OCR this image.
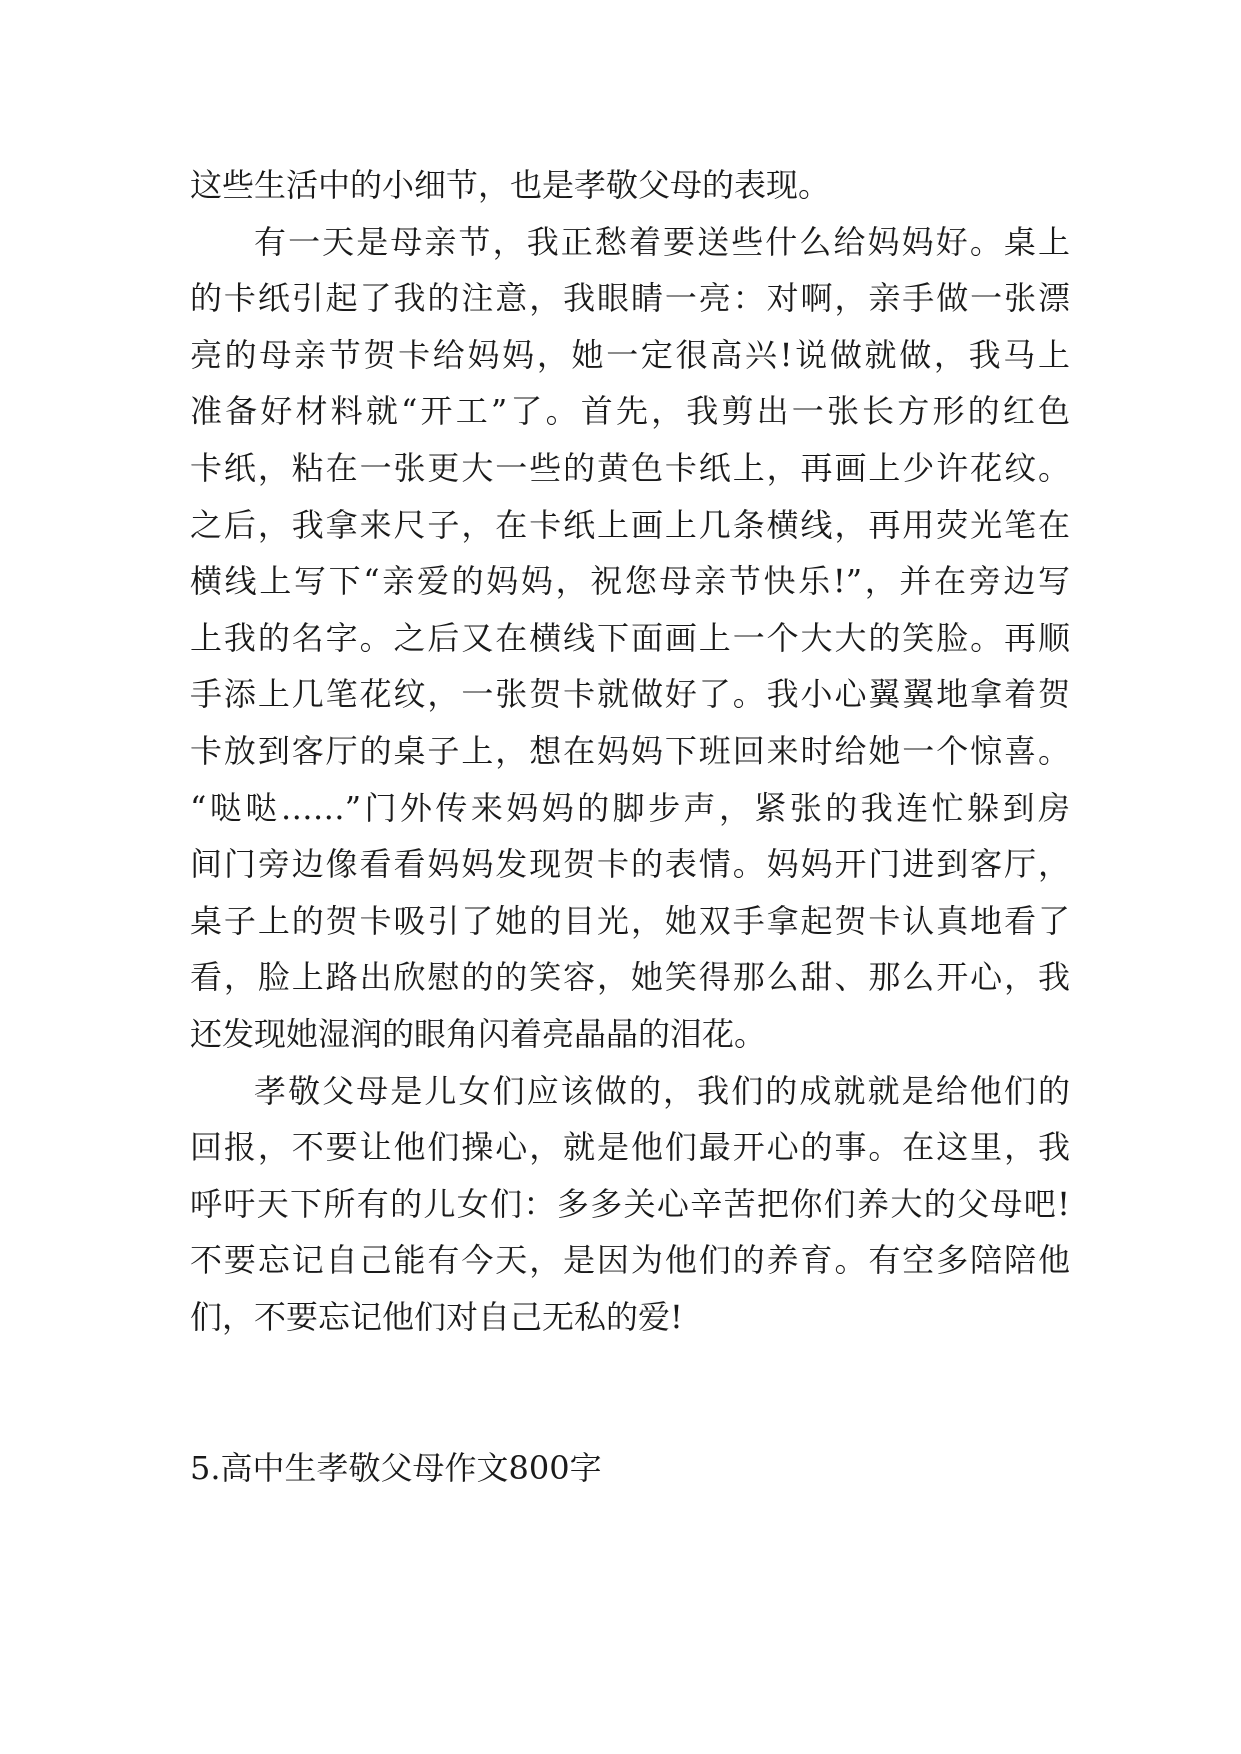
这些生活中的小细节，也是孝敬父母的表现。
有一天是母亲节，我正愁着要送些什么给妈妈好。桌上
的卡纸引起了我的注意，我眼睛一亮：对啊，亲手做一张漂
亮的母亲节贺卡给妈妈，她一定很高兴!说做就做，我马上
准备好材料就“开工”了。首先，我剪出一张长方形的红色
卡纸，粘在一张更大一些的黄色卡纸上，再画上少许花纹。
之后，我拿来尺子，在卡纸上画上几条横线，再用荧光笔在
横线上写下“亲爱的妈妈，祝您母亲节快乐!”，并在旁边写
上我的名字。之后又在横线下面画上一个大大的笑脸。再顺
手添上几笔花纹，一张贺卡就做好了。我小心翼翼地拿着贺
卡放到客厅的桌子上，想在妈妈下班回来时给她一个惊喜。
“哒哒……”门外传来妈妈的脚步声，紧张的我连忙躲到房
间门旁边像看看妈妈发现贺卡的表情。妈妈开门进到客厅，
桌子上的贺卡吸引了她的目光，她双手拿起贺卡认真地看了
看，脸上路出欣慰的的笑容，她笑得那么甜、那么开心，我
还发现她湿润的眼角闪着亮晶晶的泪花。
孝敬父母是儿女们应该做的，我们的成就就是给他们的
回报，不要让他们操心，就是他们最开心的事。在这里，我
呼吁天下所有的儿女们：多多关心辛苦把你们养大的父母吧!
不要忘记自己能有今天，是因为他们的养育。有空多陪陪他
们，不要忘记他们对自己无私的爱!
5.高中生孝敬父母作文800字
